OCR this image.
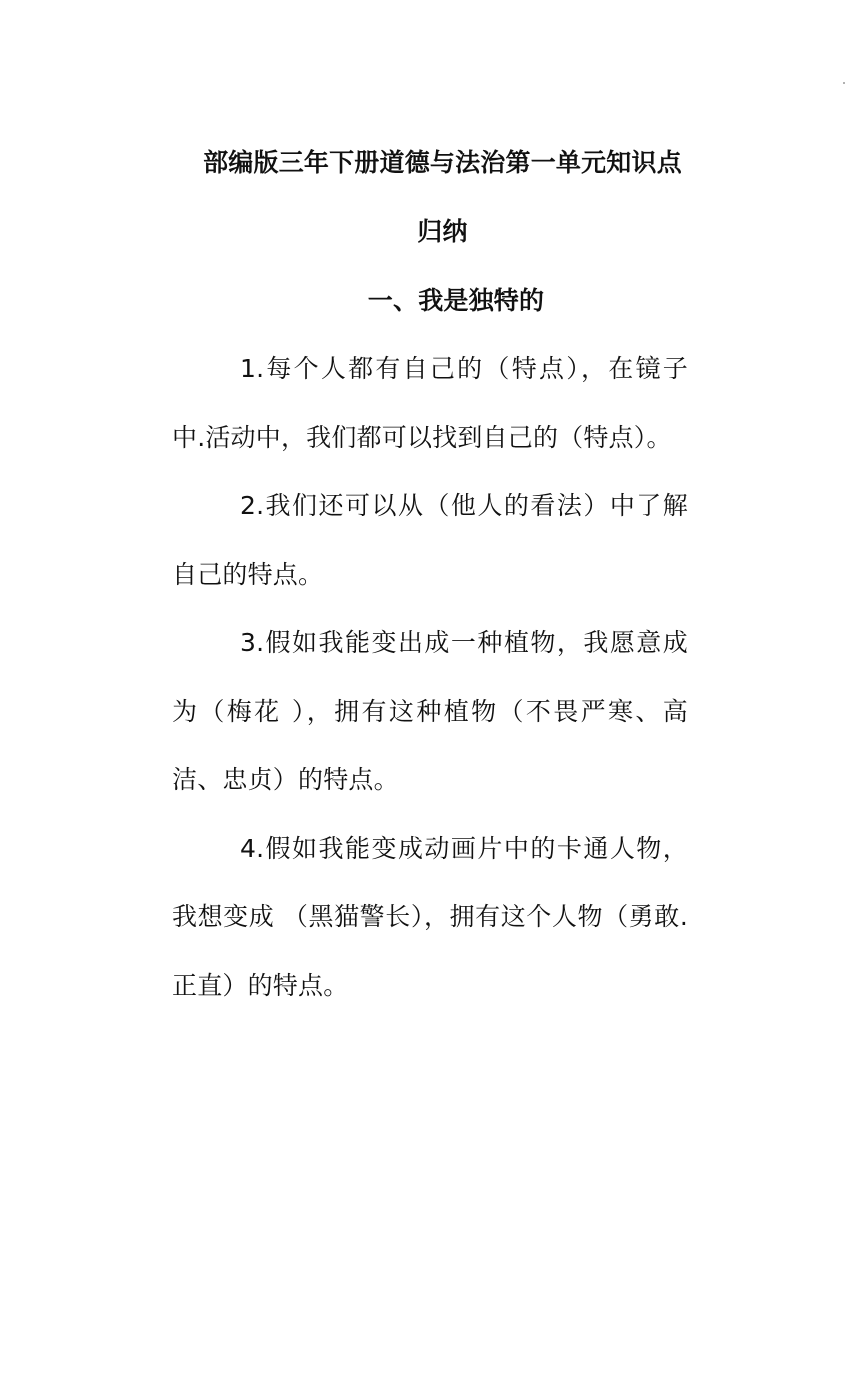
部编版三年下册道德与法治第一单元知识点归纳
一、我是独特的

1.每个人都有自己的（特点），在镜子中.活动中，我们都可以找到自己的（特点）。

2.我们还可以从（他人的看法）中了解自己的特点。

3.假如我能变出成一种植物，我愿意成为（梅花 ），拥有这种植物（不畏严寒、高洁、忠贞）的特点。

4.假如我能变成动画片中的卡通人物，我想变成 （黑猫警长），拥有这个人物（勇敢.正直）的特点。
